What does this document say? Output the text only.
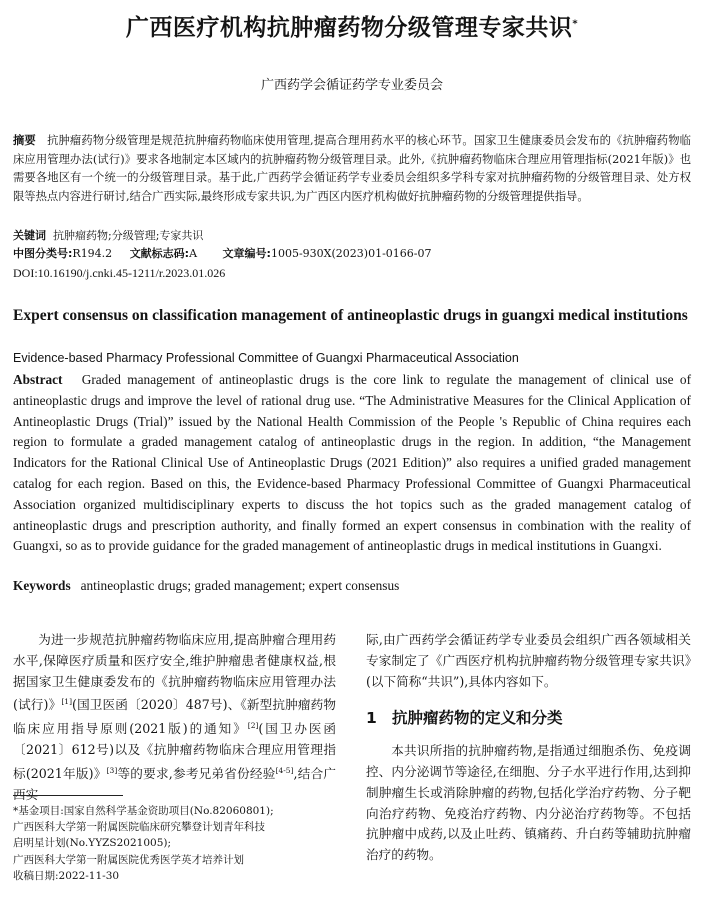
广西医疗机构抗肿瘤药物分级管理专家共识*
广西药学会循证药学专业委员会
摘要 抗肿瘤药物分级管理是规范抗肿瘤药物临床使用管理,提高合理用药水平的核心环节。国家卫生健康委员会发布的《抗肿瘤药物临床应用管理办法(试行)》要求各地制定本区域内的抗肿瘤药物分级管理目录。此外,《抗肿瘤药物临床合理应用管理指标(2021年版)》也需要各地区有一个统一的分级管理目录。基于此,广西药学会循证药学专业委员会组织多学科专家对抗肿瘤药物的分级管理目录、处方权限等热点内容进行研讨,结合广西实际,最终形成专家共识,为广西区内医疗机构做好抗肿瘤药物的分级管理提供指导。
关键词 抗肿瘤药物;分级管理;专家共识
中图分类号:R194.2 文献标志码:A 文章编号:1005-930X(2023)01-0166-07
DOI:10.16190/j.cnki.45-1211/r.2023.01.026
Expert consensus on classification management of antineoplastic drugs in guangxi medical institutions
Evidence-based Pharmacy Professional Committee of Guangxi Pharmaceutical Association
Abstract Graded management of antineoplastic drugs is the core link to regulate the management of clinical use of antineoplastic drugs and improve the level of rational drug use. “The Administrative Measures for the Clinical Application of Antineoplastic Drugs (Trial)” issued by the National Health Commission of the People 's Republic of China requires each region to formulate a graded management catalog of antineoplastic drugs in the region. In addition, “the Management Indicators for the Rational Clinical Use of Antineoplastic Drugs (2021 Edition)” also requires a unified graded management catalog for each region. Based on this, the Evidence-based Pharmacy Professional Committee of Guangxi Pharmaceutical Association organized multidisciplinary experts to discuss the hot topics such as the graded management catalog of antineoplastic drugs and prescription authority, and finally formed an expert consensus in combination with the reality of Guangxi, so as to provide guidance for the graded management of antineoplastic drugs in medical institutions in Guangxi.
Keywords antineoplastic drugs; graded management; expert consensus

为进一步规范抗肿瘤药物临床应用,提高肿瘤合理用药水平,保障医疗质量和医疗安全,维护肿瘤患者健康权益,根据国家卫生健康委发布的《抗肿瘤药物临床应用管理办法(试行)》[1](国卫医函〔2020〕487号)、《新型抗肿瘤药物临床应用指导原则(2021版)的通知》[2](国卫办医函〔2021〕612号)以及《抗肿瘤药物临床合理应用管理指标(2021年版)》[3]等的要求,参考兄弟省份经验[4-5],结合广西实

*基金项目:国家自然科学基金资助项目(No.82060801);
广西医科大学第一附属医院临床研究攀登计划青年科技
启明星计划(No.YYZS2021005);
广西医科大学第一附属医院优秀医学英才培养计划
收稿日期:2022-11-30

际,由广西药学会循证药学专业委员会组织广西各领域相关专家制定了《广西医疗机构抗肿瘤药物分级管理专家共识》(以下简称“共识”),具体内容如下。

1 抗肿瘤药物的定义和分类

本共识所指的抗肿瘤药物,是指通过细胞杀伤、免疫调控、内分泌调节等途径,在细胞、分子水平进行作用,达到抑制肿瘤生长或消除肿瘤的药物,包括化学治疗药物、分子靶向治疗药物、免疫治疗药物、内分泌治疗药物等。不包括抗肿瘤中成药,以及止吐药、镇痛药、升白药等辅助抗肿瘤治疗的药物。
